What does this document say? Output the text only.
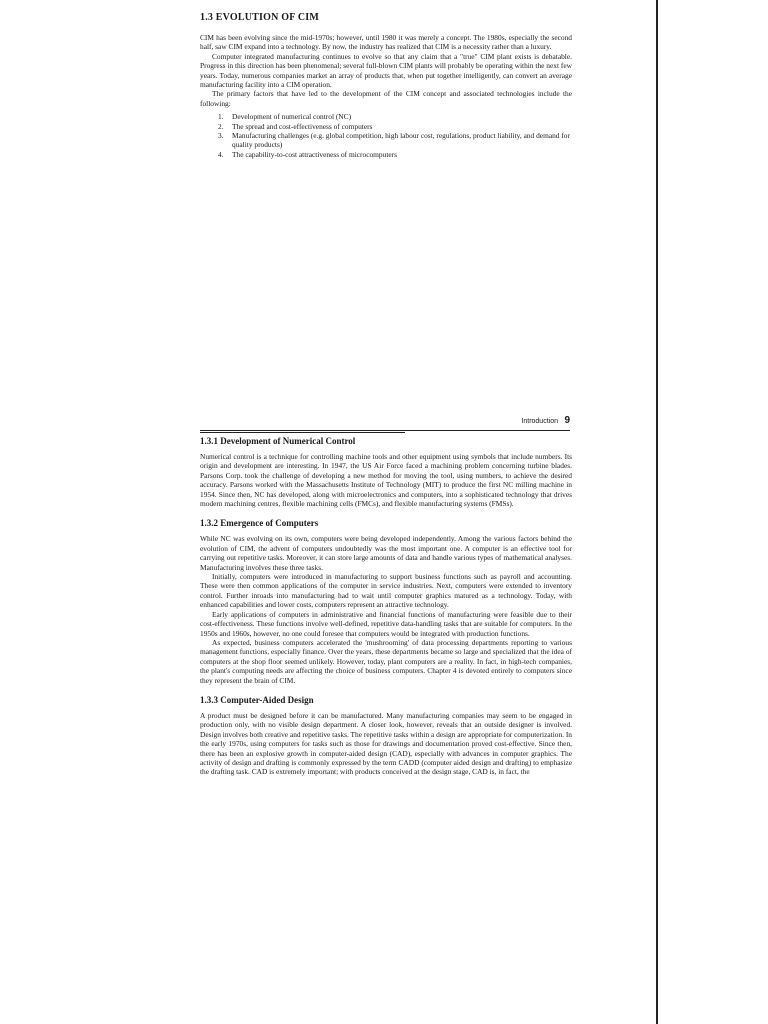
1.3 EVOLUTION OF CIM

CIM has been evolving since the mid-1970s; however, until 1980 it was merely a concept. The 1980s, especially the second half, saw CIM expand into a technology. By now, the industry has realized that CIM is a necessity rather than a luxury.

Computer integrated manufacturing continues to evolve so that any claim that a "true" CIM plant exists is debatable. Progress in this direction has been phenomenal; several full-blown CIM plants will probably be operating within the next few years. Today, numerous companies market an array of products that, when put together intelligently, can convert an average manufacturing facility into a CIM operation.

The primary factors that have led to the development of the CIM concept and associated technologies include the following:

1. Development of numerical control (NC)
2. The spread and cost-effectiveness of computers
3. Manufacturing challenges (e.g. global competition, high labour cost, regulations, product liability, and demand for quality products)
4. The capability-to-cost attractiveness of microcomputers
Introduction 9
1.3.1 Development of Numerical Control

Numerical control is a technique for controlling machine tools and other equipment using symbols that include numbers. Its origin and development are interesting. In 1947, the US Air Force faced a machining problem concerning turbine blades. Parsons Corp. took the challenge of developing a new method for moving the tool, using numbers, to achieve the desired accuracy. Parsons worked with the Massachusetts Institute of Technology (MIT) to produce the first NC milling machine in 1954. Since then, NC has developed, along with microelectronics and computers, into a sophisticated technology that drives modern machining centres, flexible machining cells (FMCs), and flexible manufacturing systems (FMSs).

1.3.2 Emergence of Computers

While NC was evolving on its own, computers were being developed independently. Among the various factors behind the evolution of CIM, the advent of computers undoubtedly was the most important one. A computer is an effective tool for carrying out repetitive tasks. Moreover, it can store large amounts of data and handle various types of mathematical analyses. Manufacturing involves these three tasks.

Initially, computers were introduced in manufacturing to support business functions such as payroll and accounting. These were then common applications of the computer in service industries. Next, computers were extended to inventory control. Further inroads into manufacturing had to wait until computer graphics matured as a technology. Today, with enhanced capabilities and lower costs, computers represent an attractive technology.

Early applications of computers in administrative and financial functions of manufacturing were feasible due to their cost-effectiveness. These functions involve well-defined, repetitive data-handling tasks that are suitable for computers. In the 1950s and 1960s, however, no one could foresee that computers would be integrated with production functions.

As expected, business computers accelerated the 'mushrooming' of data processing departments reporting to various management functions, especially finance. Over the years, these departments became so large and specialized that the idea of computers at the shop floor seemed unlikely. However, today, plant computers are a reality. In fact, in high-tech companies, the plant's computing needs are affecting the choice of business computers. Chapter 4 is devoted entirely to computers since they represent the brain of CIM.

1.3.3 Computer-Aided Design

A product must be designed before it can be manufactured. Many manufacturing companies may seem to be engaged in production only, with no visible design department. A closer look, however, reveals that an outside designer is involved. Design involves both creative and repetitive tasks. The repetitive tasks within a design are appropriate for computerization. In the early 1970s, using computers for tasks such as those for drawings and documentation proved cost-effective. Since then, there has been an explosive growth in computer-aided design (CAD), especially with advances in computer graphics. The activity of design and drafting is commonly expressed by the term CADD (computer aided design and drafting) to emphasize the drafting task. CAD is extremely important; with products conceived at the design stage, CAD is, in fact, the
